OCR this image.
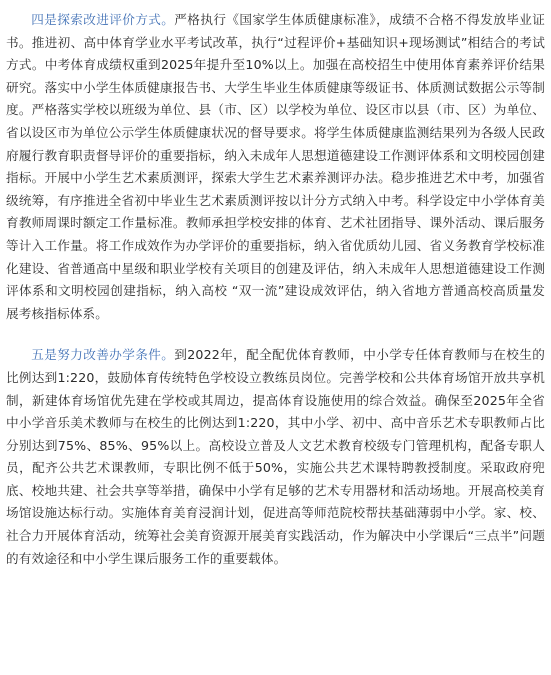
四是探索改进评价方式。严格执行《国家学生体质健康标准》，成绩不合格不得发放毕业证书。推进初、高中体育学业水平考试改革，执行“过程评价+基础知识+现场测试”相结合的考试方式。中考体育成绩权重到2025年提升至10%以上。加强在高校招生中使用体育素养评价结果研究。落实中小学生体质健康报告书、大学生毕业生体质健康等级证书、体质测试数据公示等制度。严格落实学校以班级为单位、县（市、区）以学校为单位、设区市以县（市、区）为单位、省以设区市为单位公示学生体质健康状况的督导要求。将学生体质健康监测结果列为各级人民政府履行教育职责督导评价的重要指标，纳入未成年人思想道德建设工作测评体系和文明校园创建指标。开展中小学生艺术素质测评，探索大学生艺术素养测评办法。稳步推进艺术中考，加强省级统筹，有序推进全省初中毕业生艺术素质测评按以计分方式纳入中考。科学设定中小学体育美育教师周课时额定工作量标准。教师承担学校安排的体育、艺术社团指导、课外活动、课后服务等计入工作量。将工作成效作为办学评价的重要指标，纳入省优质幼儿园、省义务教育学校标准化建设、省普通高中星级和职业学校有关项目的创建及评估，纳入未成年人思想道德建设工作测评体系和文明校园创建指标，纳入高校 “双一流”建设成效评估，纳入省地方普通高校高质量发展考核指标体系。

五是努力改善办学条件。到2022年，配全配优体育教师，中小学专任体育教师与在校生的比例达到1:220，鼓励体育传统特色学校设立教练员岗位。完善学校和公共体育场馆开放共享机制，新建体育场馆优先建在学校或其周边，提高体育设施使用的综合效益。确保至2025年全省中小学音乐美术教师与在校生的比例达到1:220，其中小学、初中、高中音乐艺术专职教师占比分别达到75%、85%、95%以上。高校设立普及人文艺术教育校级专门管理机构，配备专职人员，配齐公共艺术课教师，专职比例不低于50%，实施公共艺术课特聘教授制度。采取政府兜底、校地共建、社会共享等举措，确保中小学有足够的艺术专用器材和活动场地。开展高校美育场馆设施达标行动。实施体育美育浸润计划，促进高等师范院校帮扶基础薄弱中小学。家、校、社合力开展体育活动，统筹社会美育资源开展美育实践活动，作为解决中小学课后“三点半”问题的有效途径和中小学生课后服务工作的重要载体。
